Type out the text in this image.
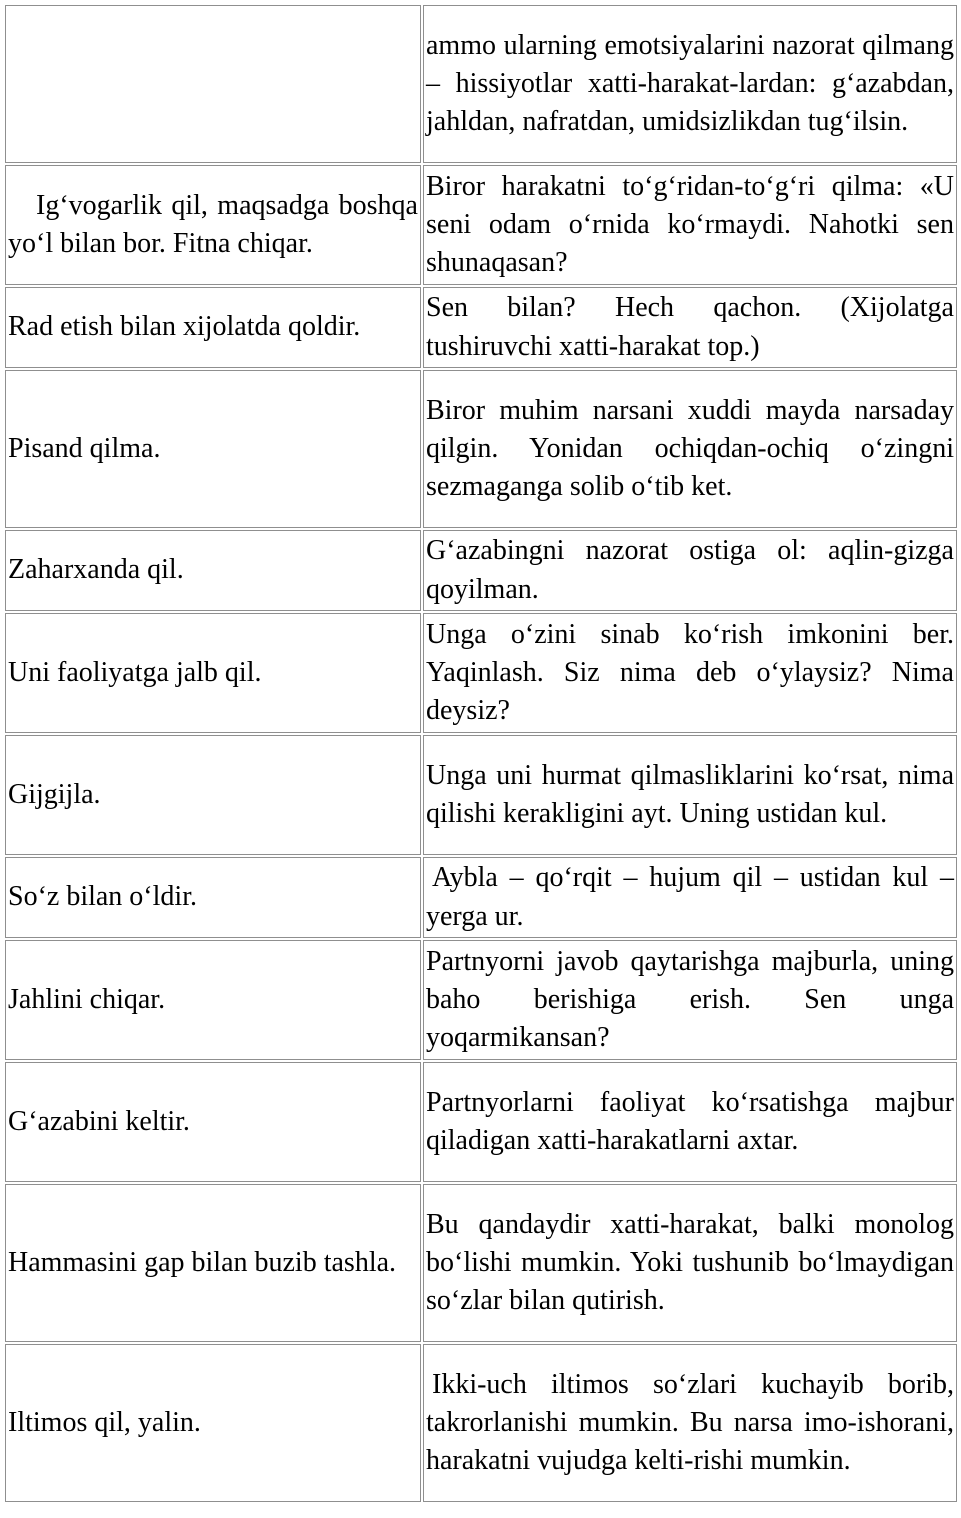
	ammo ularning emotsiyalarini nazorat qilmang – hissiyotlar xatti-harakat-lardan: g‘azabdan, jahldan, nafratdan, umidsizlikdan tug‘ilsin.
Ig‘vogarlik qil, maqsadga boshqa yo‘l bilan bor. Fitna chiqar.	Biror harakatni to‘g‘ridan-to‘g‘ri qilma: «U seni odam o‘rnida ko‘rmaydi. Nahotki sen shunaqasan?
Rad etish bilan xijolatda qoldir.	Sen bilan? Hech qachon. (Xijolatga tushiruvchi xatti-harakat top.)
Pisand qilma.	Biror muhim narsani xuddi mayda narsaday qilgin. Yonidan ochiqdan-ochiq o‘zingni sezmaganga solib o‘tib ket.
Zaharxanda qil.	G‘azabingni nazorat ostiga ol: aqlin-gizga qoyilman.
Uni faoliyatga jalb qil.	Unga o‘zini sinab ko‘rish imkonini ber. Yaqinlash. Siz nima deb o‘ylaysiz? Nima deysiz?
Gijgijla.	Unga uni hurmat qilmasliklarini ko‘rsat, nima qilishi kerakligini ayt. Uning ustidan kul.
So‘z bilan o‘ldir.	Aybla – qo‘rqit – hujum qil – ustidan kul – yerga ur.
Jahlini chiqar.	Partnyorni javob qaytarishga majburla, uning baho berishiga erish. Sen unga yoqarmikansan?
G‘azabini keltir.	Partnyorlarni faoliyat ko‘rsatishga majbur qiladigan xatti-harakatlarni axtar.
Hammasini gap bilan buzib tashla.	Bu qandaydir xatti-harakat, balki monolog bo‘lishi mumkin. Yoki tushunib bo‘lmaydigan so‘zlar bilan qutirish.
Iltimos qil, yalin.	Ikki-uch iltimos so‘zlari kuchayib borib, takrorlanishi mumkin. Bu narsa imo-ishorani, harakatni vujudga kelti-rishi mumkin.
